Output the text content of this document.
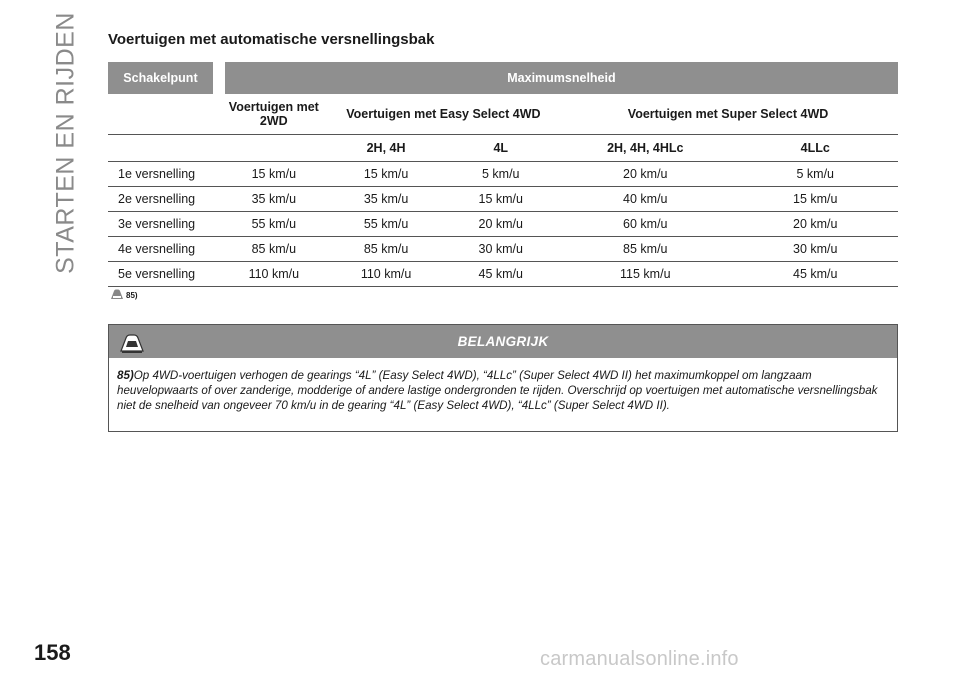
STARTEN EN RIJDEN
158
Voertuigen met automatische versnellingsbak
Schakelpunt	Maximumsnelheid				
	Voertuigen met 2WD	Voertuigen met Easy Select 4WD		Voertuigen met Super Select 4WD	
		2H, 4H	4L	2H, 4H, 4HLc	4LLc
1e versnelling	15 km/u	15 km/u	5 km/u	20 km/u	5 km/u
2e versnelling	35 km/u	35 km/u	15 km/u	40 km/u	15 km/u
3e versnelling	55 km/u	55 km/u	20 km/u	60 km/u	20 km/u
4e versnelling	85 km/u	85 km/u	30 km/u	85 km/u	30 km/u
5e versnelling	110 km/u	110 km/u	45 km/u	115 km/u	45 km/u
85)
BELANGRIJK

85)Op 4WD-voertuigen verhogen de gearings “4L” (Easy Select 4WD), “4LLc” (Super Select 4WD II) het maximumkoppel om langzaam heuvelopwaarts of over zanderige, modderige of andere lastige ondergronden te rijden. Overschrijd op voertuigen met automatische versnellingsbak niet de snelheid van ongeveer 70 km/u in de gearing “4L” (Easy Select 4WD), “4LLc” (Super Select 4WD II).

carmanualsonline.info
